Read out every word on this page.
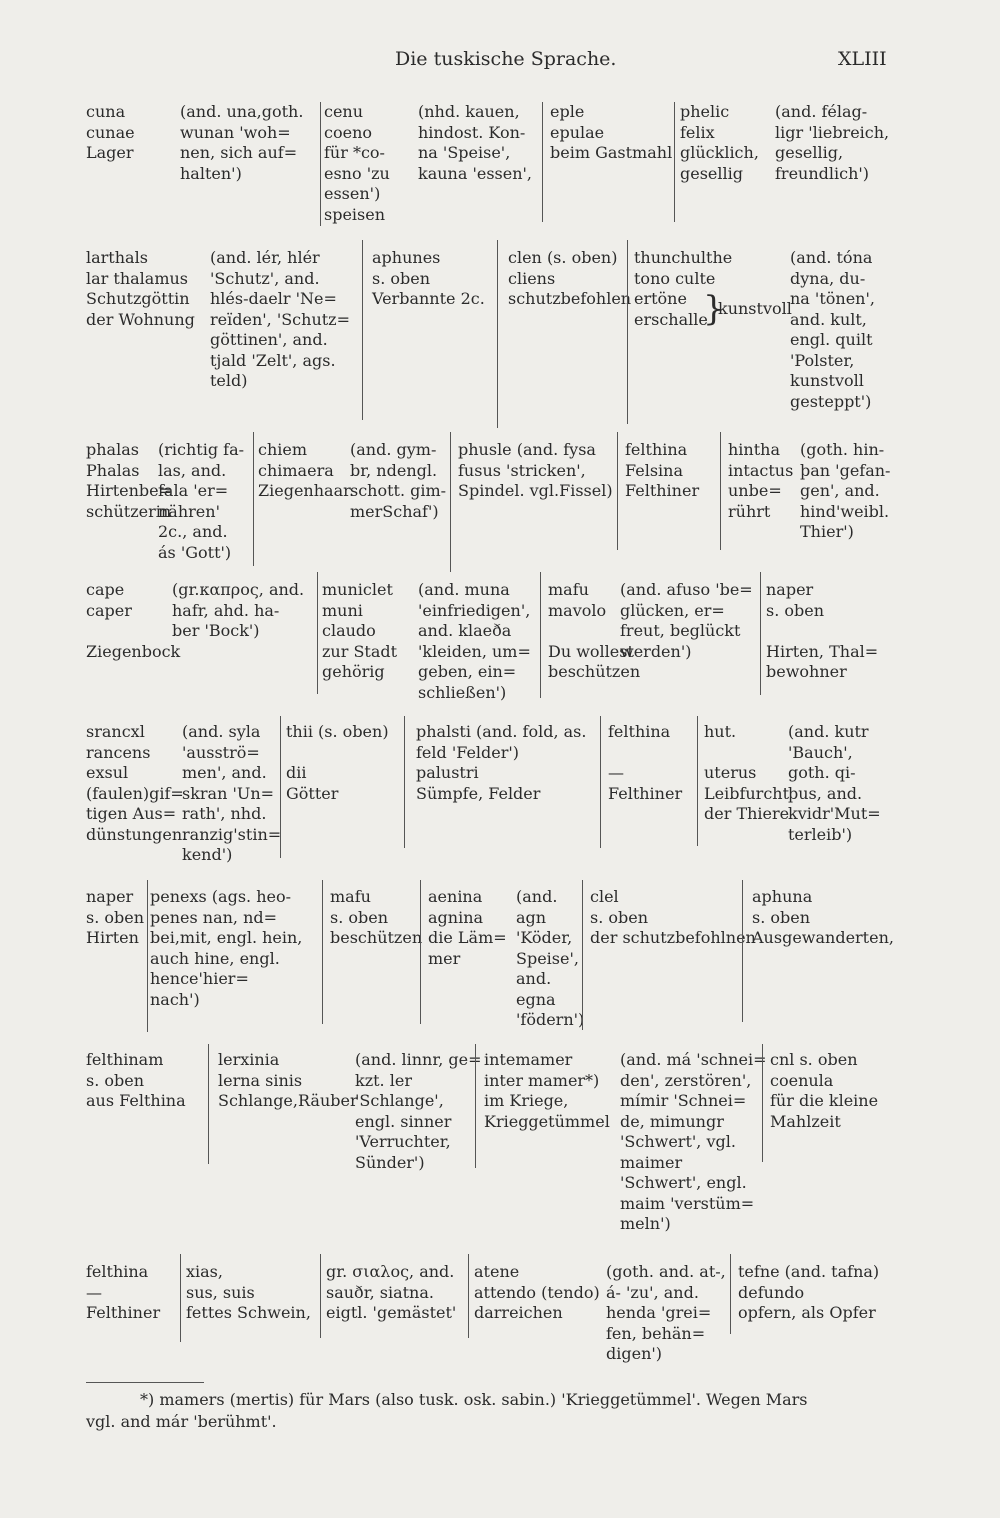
Die tuskische Sprache.	XLIII
cuna
cunae
Lager
(and. una,goth.
wunan 'woh=
nen, sich auf=
halten')
cenu
coeno
für *co-
esno 'zu
essen')
speisen
(nhd. kauen,
hindost. Kon-
na 'Speise',
kauna 'essen',
eple
epulae
beim Gastmahl
phelic
felix
glücklich,
gesellig
(and. félag-
ligr 'liebreich,
gesellig,
freundlich')
larthals
lar thalamus
Schutzgöttin
der Wohnung
(and. lér, hlér
'Schutz', and.
hlés-daelr 'Ne=
reïden', 'Schutz=
göttinen', and.
tjald 'Zelt', ags.
teld)
aphunes
s. oben
Verbannte 2c.
clen (s. oben)
cliens
schutzbefohlen
thunchulthe
tono culte
ertöne
erschalle
}
kunstvoll
(and. tóna
dyna, du-
na 'tönen',
and. kult,
engl. quilt
'Polster,
kunstvoll
gesteppt')
phalas
Phalas
Hirtenbe=
schützerin
(richtig fa-
las, and.
fala 'er=
nähren'
2c., and.
ás 'Gott')
chiem
chimaera
Ziegenhaar.
(and. gym-
br, ndengl.
schott. gim-
merSchaf')
phusle (and. fysa
fusus 'stricken',
Spindel. vgl.Fissel)
felthina
Felsina
Felthiner
hintha
intactus
unbe=
rührt
(goth. hin-
þan 'gefan-
gen', and.
hind'weibl.
Thier')
cape
caper
Ziegenbock
(gr.καπρος, and.
hafr, ahd. ha-
ber 'Bock')
municlet
muni
claudo
zur Stadt
gehörig
(and. muna
'einfriedigen',
and. klaeða
'kleiden, um=
geben, ein=
schließen')
mafu
mavolo
Du wollest
beschützen
(and. afuso 'be=
glücken, er=
freut, beglückt
werden')
naper
s. oben
Hirten, Thal=
bewohner
srancxl
rancens
exsul
(faulen)gif=
tigen Aus=
dünstungen.
(and. syla
'ausströ=
men', and.
skran 'Un=
rath', nhd.
ranzig'stin=
kend')
thii (s. oben)
dii
Götter
phalsti (and. fold, as.
feld 'Felder')
palustri
Sümpfe, Felder
felthina
—
Felthiner
hut.
uterus
Leibfurcht
der Thiere
(and. kutr
'Bauch',
goth. qi-
þus, and.
kvidr'Mut=
terleib')
naper
s. oben
Hirten
penexs (ags. heo-
penes nan, nd=
bei,mit, engl. hein,
auch hine, engl.
hence'hier=
nach')
mafu
s. oben
beschützen
aenina
agnina
die Läm=
mer
(and.
agn
'Köder,
Speise',
and.
egna
'födern')
clel
s. oben
der schutzbefohlnen
aphuna
s. oben
Ausgewanderten,
felthinam
s. oben
aus Felthina
lerxinia
lerna sinis
Schlange,Räuber
(and. linnr, ge=
kzt. ler
'Schlange',
engl. sinner
'Verruchter,
Sünder')
intemamer
inter mamer*)
im Kriege,
Krieggetümmel
(and. má 'schnei=
den', zerstören',
mímir 'Schnei=
de, mimungr
'Schwert', vgl.
maimer
'Schwert', engl.
maim 'verstüm=
meln')
cnl s. oben
coenula
für die kleine
Mahlzeit
felthina
—
Felthiner
xias,
sus, suis
fettes Schwein,
gr. σιαλος, and.
sauðr, siatna.
eigtl. 'gemästet'
atene
attendo (tendo)
darreichen
(goth. and. at-,
á- 'zu', and.
henda 'grei=
fen, behän=
digen')
tefne (and. tafna)
defundo
opfern, als Opfer
*) mamers (mertis) für Mars (also tusk. osk. sabin.) 'Krieggetümmel'. Wegen Mars
vgl. and már 'berühmt'.
